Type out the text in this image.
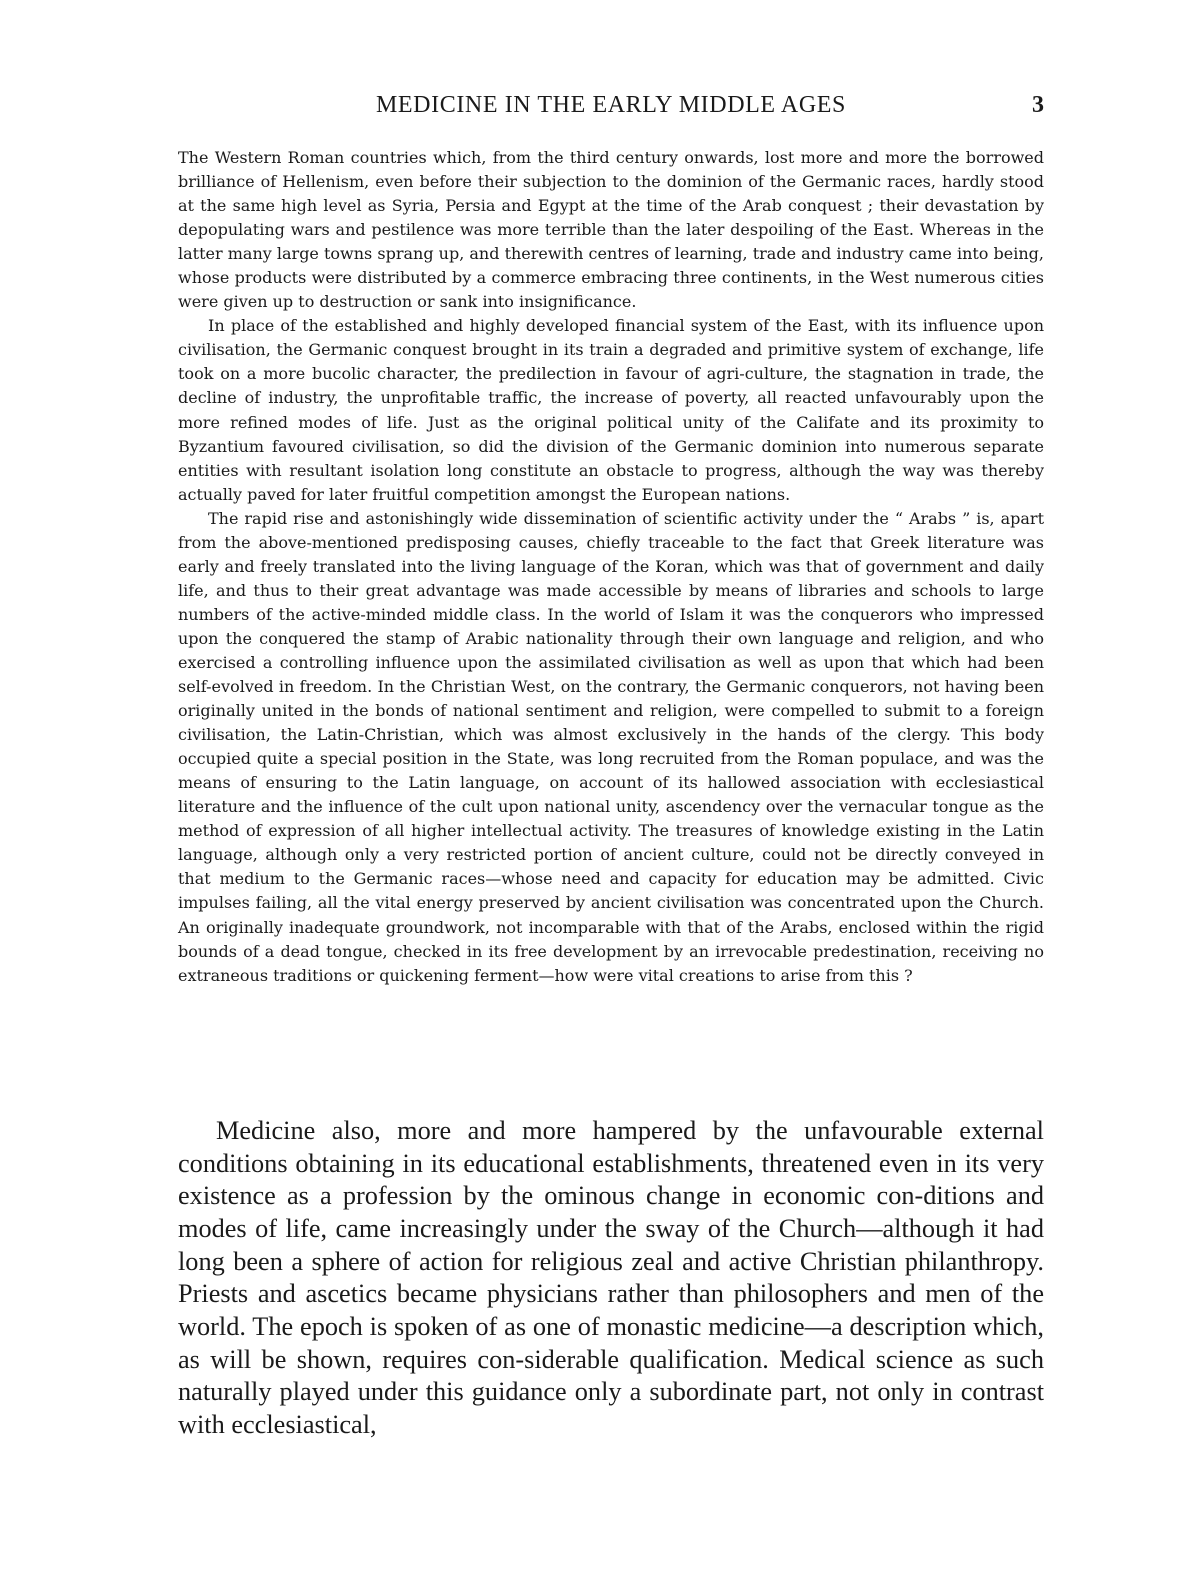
MEDICINE IN THE EARLY MIDDLE AGES	3

The Western Roman countries which, from the third century onwards, lost more and more the borrowed brilliance of Hellenism, even before their subjection to the dominion of the Germanic races, hardly stood at the same high level as Syria, Persia and Egypt at the time of the Arab conquest ; their devastation by depopulating wars and pestilence was more terrible than the later despoiling of the East. Whereas in the latter many large towns sprang up, and therewith centres of learning, trade and industry came into being, whose products were distributed by a commerce embracing three continents, in the West numerous cities were given up to destruction or sank into insignificance.

In place of the established and highly developed financial system of the East, with its influence upon civilisation, the Germanic conquest brought in its train a degraded and primitive system of exchange, life took on a more bucolic character, the predilection in favour of agri-culture, the stagnation in trade, the decline of industry, the unprofitable traffic, the increase of poverty, all reacted unfavourably upon the more refined modes of life. Just as the original political unity of the Califate and its proximity to Byzantium favoured civilisation, so did the division of the Germanic dominion into numerous separate entities with resultant isolation long constitute an obstacle to progress, although the way was thereby actually paved for later fruitful competition amongst the European nations.

The rapid rise and astonishingly wide dissemination of scientific activity under the “ Arabs ” is, apart from the above-mentioned predisposing causes, chiefly traceable to the fact that Greek literature was early and freely translated into the living language of the Koran, which was that of government and daily life, and thus to their great advantage was made accessible by means of libraries and schools to large numbers of the active-minded middle class. In the world of Islam it was the conquerors who impressed upon the conquered the stamp of Arabic nationality through their own language and religion, and who exercised a controlling influence upon the assimilated civilisation as well as upon that which had been self-evolved in freedom. In the Christian West, on the contrary, the Germanic conquerors, not having been originally united in the bonds of national sentiment and religion, were compelled to submit to a foreign civilisation, the Latin-Christian, which was almost exclusively in the hands of the clergy. This body occupied quite a special position in the State, was long recruited from the Roman populace, and was the means of ensuring to the Latin language, on account of its hallowed association with ecclesiastical literature and the influence of the cult upon national unity, ascendency over the vernacular tongue as the method of expression of all higher intellectual activity. The treasures of knowledge existing in the Latin language, although only a very restricted portion of ancient culture, could not be directly conveyed in that medium to the Germanic races—whose need and capacity for education may be admitted. Civic impulses failing, all the vital energy preserved by ancient civilisation was concentrated upon the Church. An originally inadequate groundwork, not incomparable with that of the Arabs, enclosed within the rigid bounds of a dead tongue, checked in its free development by an irrevocable predestination, receiving no extraneous traditions or quickening ferment—how were vital creations to arise from this ?

Medicine also, more and more hampered by the unfavourable external conditions obtaining in its educational establishments, threatened even in its very existence as a profession by the ominous change in economic con-ditions and modes of life, came increasingly under the sway of the Church—although it had long been a sphere of action for religious zeal and active Christian philanthropy. Priests and ascetics became physicians rather than philosophers and men of the world. The epoch is spoken of as one of monastic medicine—a description which, as will be shown, requires con-siderable qualification. Medical science as such naturally played under this guidance only a subordinate part, not only in contrast with ecclesiastical,
